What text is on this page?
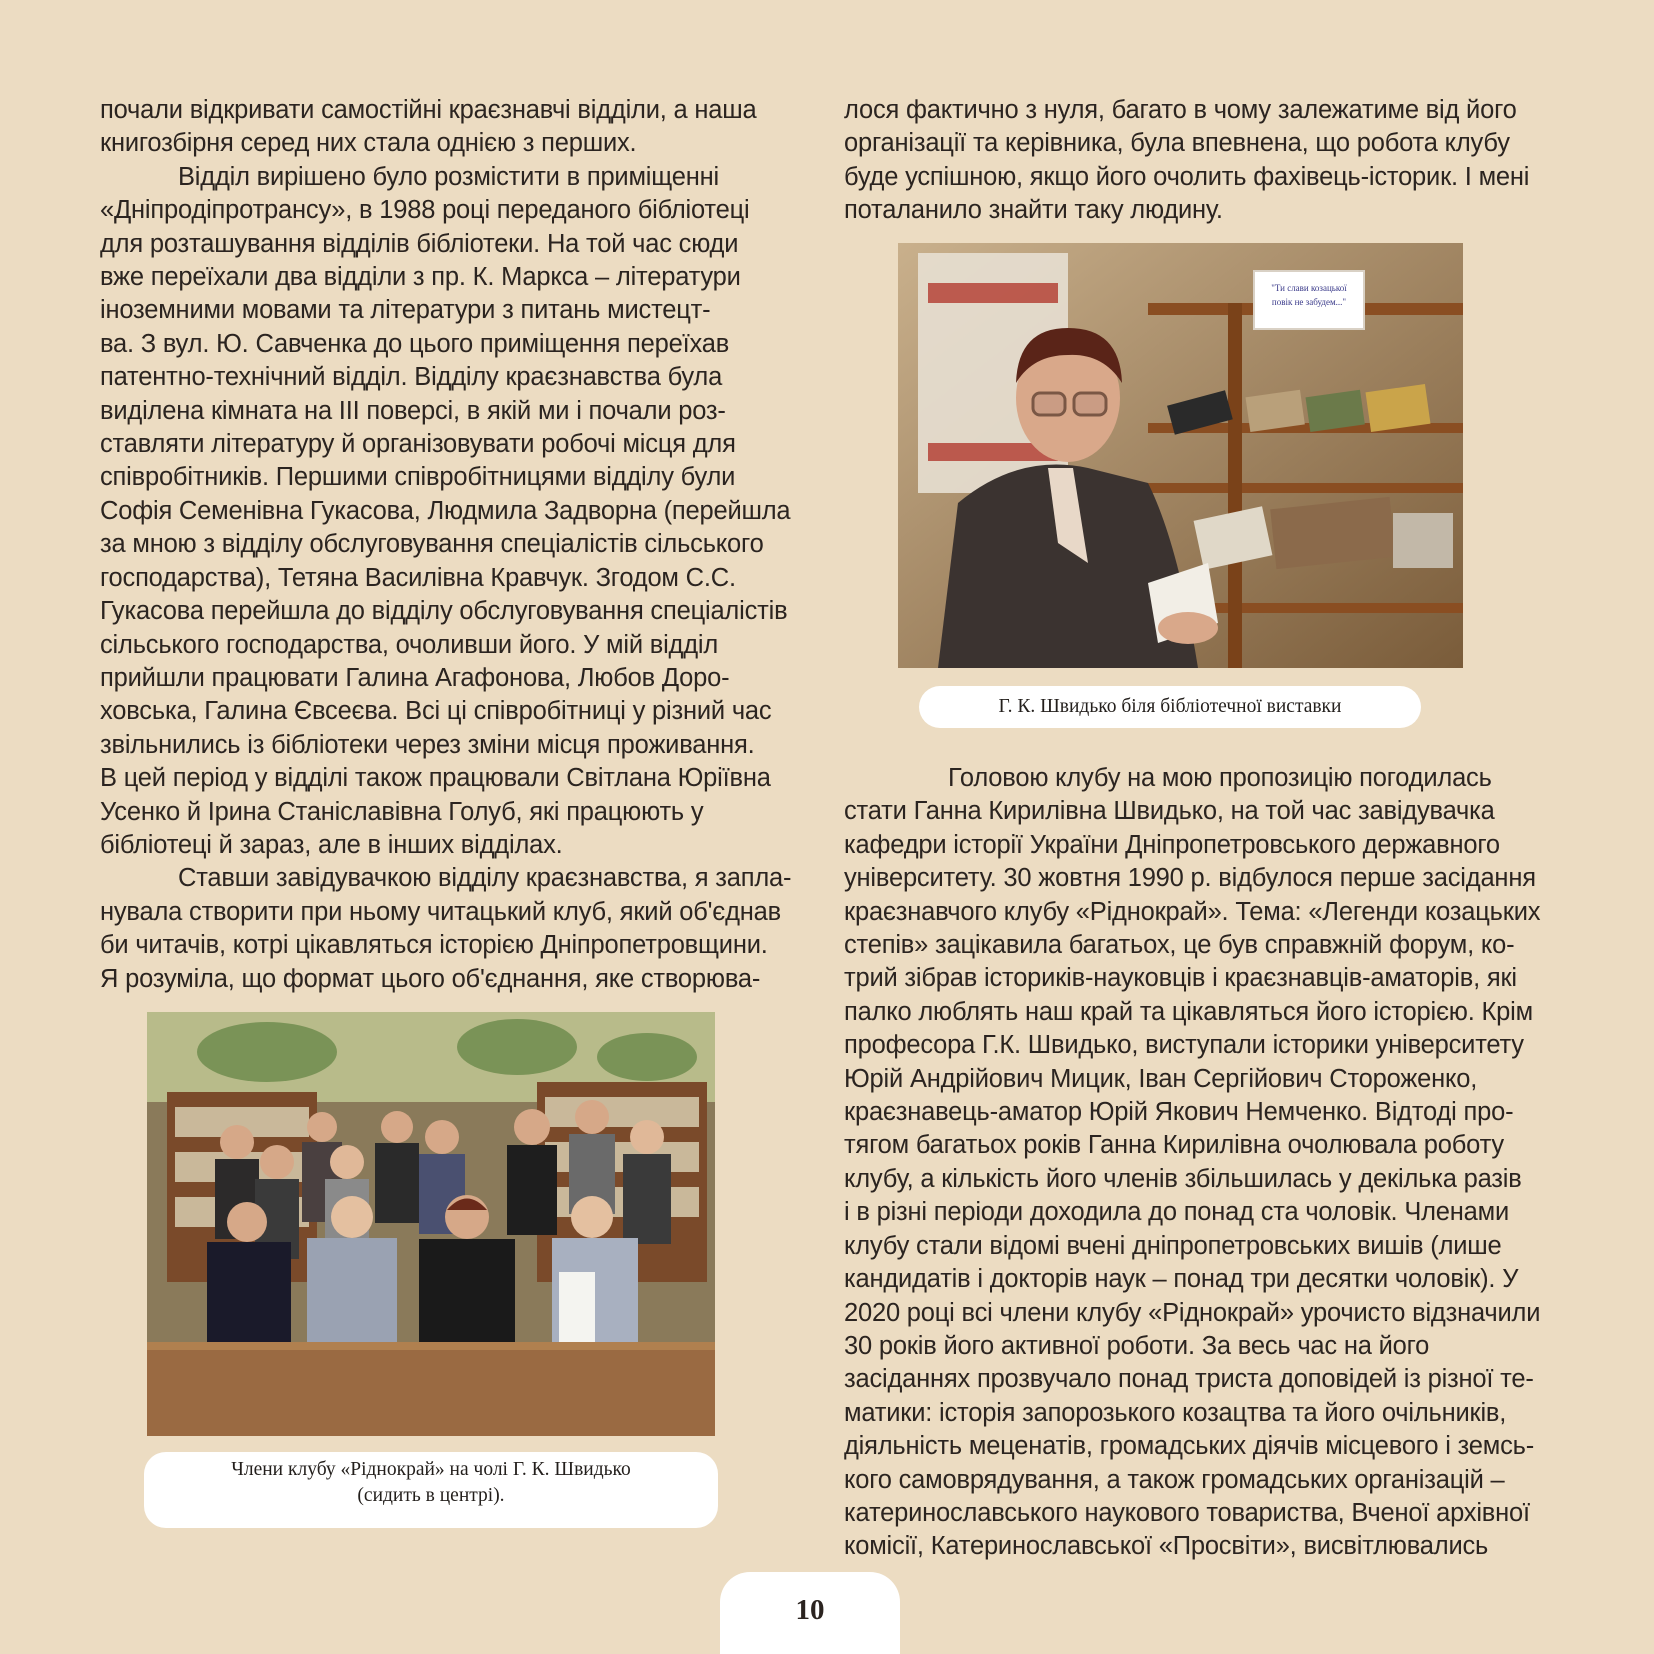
почали відкривати самостійні краєзнавчі відділи, а наша
книгозбірня серед них стала однією з перших.
Відділ вирішено було розмістити в приміщенні
«Дніпродіпротрансу», в 1988 році переданого бібліотеці
для розташування відділів бібліотеки. На той час сюди
вже переїхали два відділи з пр. К. Маркса – літератури
іноземними мовами та літератури з питань мистецт-
ва. З вул. Ю. Савченка до цього приміщення переїхав
патентно-технічний відділ. Відділу краєзнавства була
виділена кімната на ІІІ поверсі, в якій ми і почали роз-
ставляти літературу й організовувати робочі місця для
співробітників. Першими співробітницями відділу були
Софія Семенівна Гукасова, Людмила Задворна (перейшла
за мною з відділу обслуговування спеціалістів сільського
господарства), Тетяна Василівна Кравчук. Згодом С.С.
Гукасова перейшла до відділу обслуговування спеціалістів
сільського господарства, очоливши його. У мій відділ
прийшли працювати Галина Агафонова, Любов Доро-
ховська, Галина Євсеєва. Всі ці співробітниці у різний час
звільнились із бібліотеки через зміни місця проживання.
В цей період у відділі також працювали Світлана Юріївна
Усенко й Ірина Станіславівна Голуб, які працюють у
бібліотеці й зараз, але в інших відділах.
Ставши завідувачкою відділу краєзнавства, я запла-
нувала створити при ньому читацький клуб, який об'єднав
би читачів, котрі цікавляться історією Дніпропетровщини.
Я розуміла, що формат цього об'єднання, яке створюва-
лося фактично з нуля, багато в чому залежатиме від його
організації та керівника, була впевнена, що робота клубу
буде успішною, якщо його очолить фахівець-історик. І мені
поталанило знайти таку людину.
"Ти слави козацької
повік не забудем..."
Г. К. Швидько біля бібліотечної виставки
Головою клубу на мою пропозицію погодилась
стати Ганна Кирилівна Швидько, на той час завідувачка
кафедри історії України Дніпропетровського державного
університету. 30 жовтня 1990 р. відбулося перше засідання
краєзнавчого клубу «Ріднокрай». Тема: «Легенди козацьких
степів» зацікавила багатьох, це був справжній форум, ко-
трий зібрав істориків-науковців і краєзнавців-аматорів, які
палко люблять наш край та цікавляться його історією. Крім
професора Г.К. Швидько, виступали історики університету
Юрій Андрійович Мицик, Іван Сергійович Стороженко,
краєзнавець-аматор Юрій Якович Немченко. Відтоді про-
тягом багатьох років Ганна Кирилівна очолювала роботу
клубу, а кількість його членів збільшилась у декілька разів
і в різні періоди доходила до понад ста чоловік. Членами
клубу стали відомі вчені дніпропетровських вишів (лише
кандидатів і докторів наук – понад три десятки чоловік). У
2020 році всі члени клубу «Ріднокрай» урочисто відзначили
30 років його активної роботи. За весь час на його
засіданнях прозвучало понад триста доповідей із різної те-
матики: історія запорозького козацтва та його очільників,
діяльність меценатів, громадських діячів місцевого і земсь-
кого самоврядування, а також громадських організацій –
катеринославського наукового товариства, Вченої архівної
комісії, Катеринославської «Просвіти», висвітлювались
Члени клубу «Ріднокрай» на чолі Г. К. Швидько
(сидить в центрі).
10
